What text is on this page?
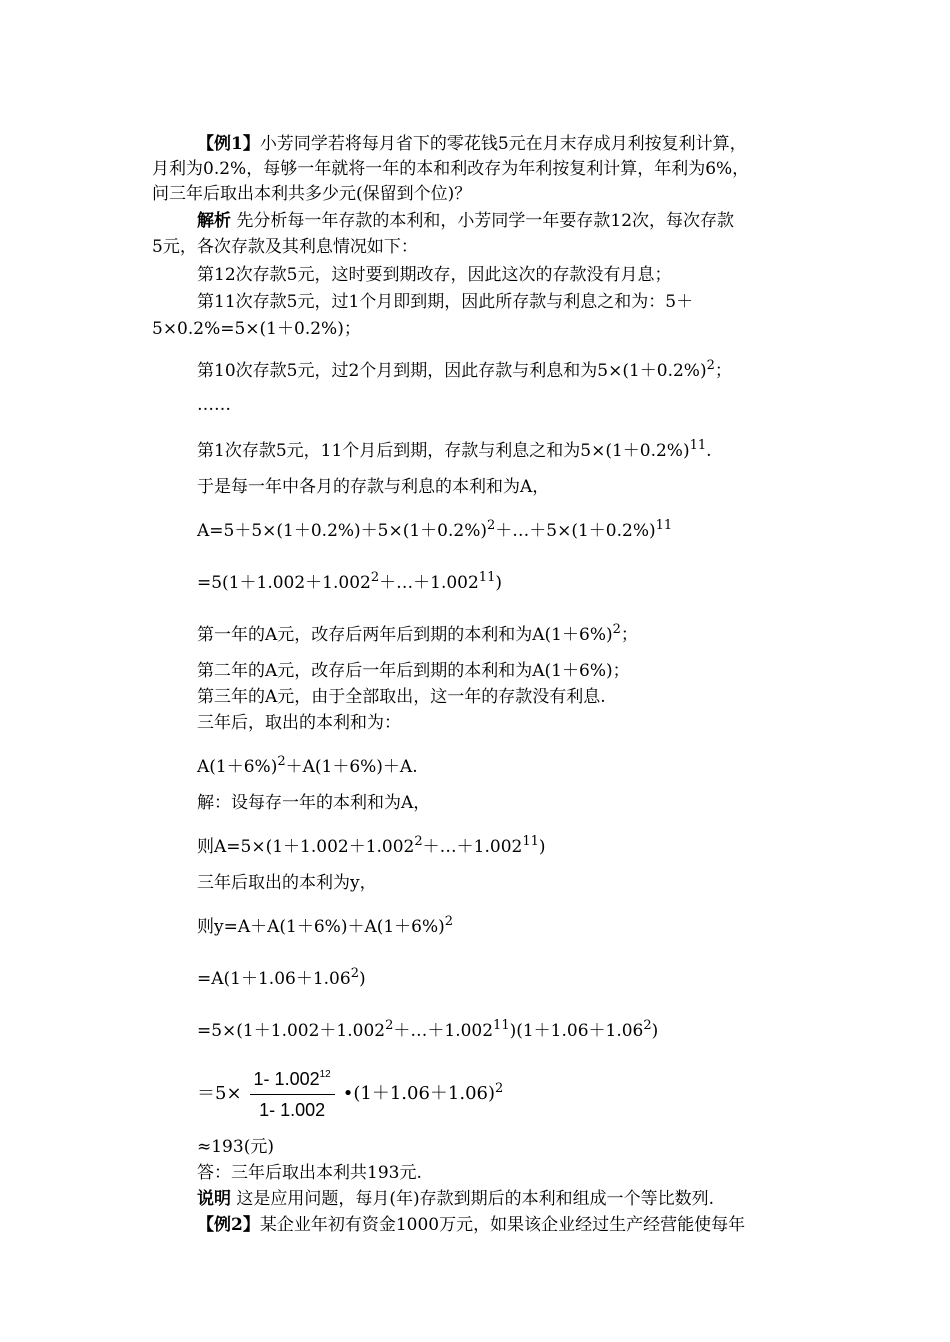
【例1】小芳同学若将每月省下的零花钱5元在月末存成月利按复利计算，
月利为0.2%，每够一年就将一年的本和利改存为年利按复利计算，年利为6%，
问三年后取出本利共多少元(保留到个位)？
解析 先分析每一年存款的本利和，小芳同学一年要存款12次，每次存款
5元，各次存款及其利息情况如下：
第12次存款5元，这时要到期改存，因此这次的存款没有月息；
第11次存款5元，过1个月即到期，因此所存款与利息之和为：5＋
5×0.2%=5×(1＋0.2%)；
第10次存款5元，过2个月到期，因此存款与利息和为$5\times(1+0.2\%)^2$；
……
第1次存款5元，11个月后到期，存款与利息之和为$5\times(1+0.2\%)^{11}$.
于是每一年中各月的存款与利息的本利和为A，
$A=5+5\times(1+0.2\%)+5\times(1+0.2\%)^2+\dots+5\times(1+0.2\%)^{11}$
$=5(1+1.002+1.002^2+\dots+1.002^{11})$
第一年的A元，改存后两年后到期的本利和为$A(1+6\%)^2$；
第二年的A元，改存后一年后到期的本利和为A(1＋6%)；
第三年的A元，由于全部取出，这一年的存款没有利息.
三年后，取出的本利和为：
$A(1+6\%)^2+A(1+6\%)+A$.
解：设每存一年的本利和为A，
则$A=5\times(1+1.002+1.002^2+\dots+1.002^{11})$
三年后取出的本利为y，
则$y=A+A(1+6\%)+A(1+6\%)^2$
$=A(1+1.06+1.06^2)$
$=5\times(1+1.002+1.002^2+\dots+1.002^{11})(1+1.06+1.06^2)$
$=5\times \frac{1- 1.002^{12}}{1- 1.002}$ $•(1+1.06+1.06)^2$
≈193(元)
答：三年后取出本利共193元.
说明 这是应用问题，每月(年)存款到期后的本利和组成一个等比数列.
【例2】某企业年初有资金1000万元，如果该企业经过生产经营能使每年
